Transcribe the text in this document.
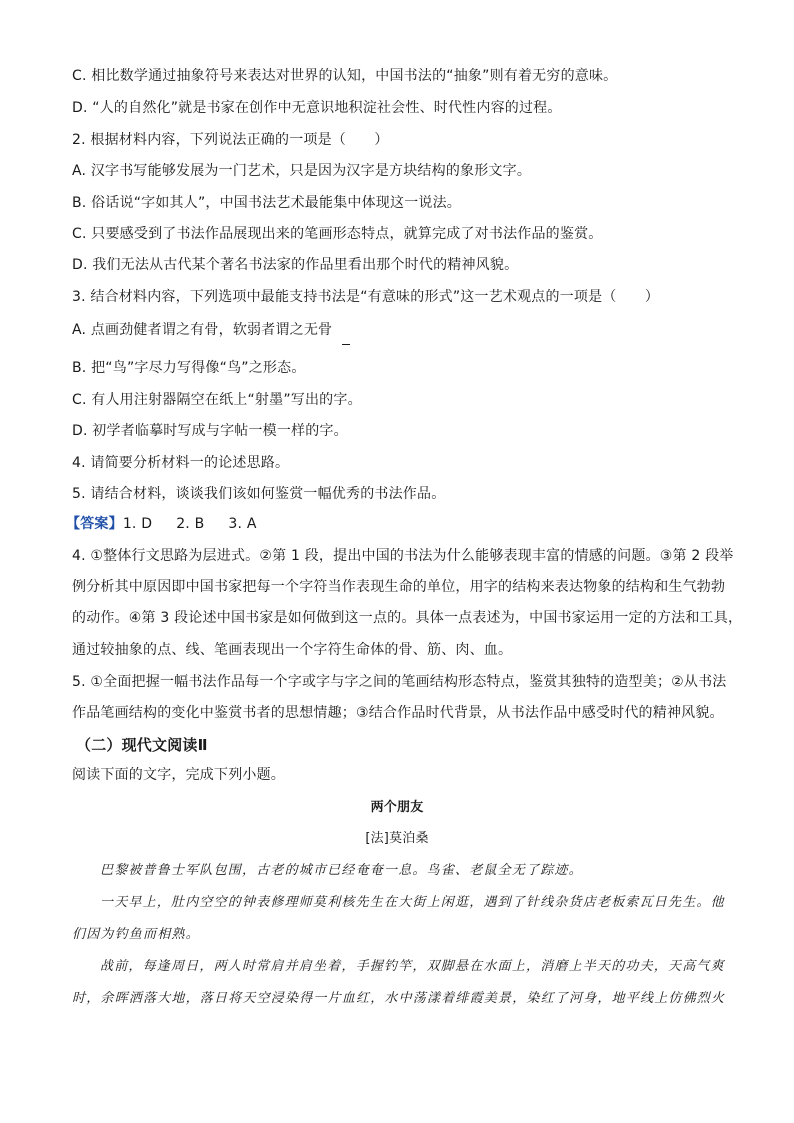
C. 相比数学通过抽象符号来表达对世界的认知，中国书法的“抽象”则有着无穷的意味。
D. “人的自然化”就是书家在创作中无意识地积淀社会性、时代性内容的过程。
2. 根据材料内容，下列说法正确的一项是（　　）
A. 汉字书写能够发展为一门艺术，只是因为汉字是方块结构的象形文字。
B. 俗话说“字如其人”，中国书法艺术最能集中体现这一说法。
C. 只要感受到了书法作品展现出来的笔画形态特点，就算完成了对书法作品的鉴赏。
D. 我们无法从古代某个著名书法家的作品里看出那个时代的精神风貌。
3. 结合材料内容，下列选项中最能支持书法是“有意味的形式”这一艺术观点的一项是（　　）
A. 点画劲健者谓之有骨，软弱者谓之无骨
B. 把“鸟”字尽力写得像“鸟”之形态。
C. 有人用注射器隔空在纸上“射墨”写出的字。
D. 初学者临摹时写成与字帖一模一样的字。
4. 请简要分析材料一的论述思路。
5. 请结合材料，谈谈我们该如何鉴赏一幅优秀的书法作品。
【答案】1. D 2. B 3. A
4. ①整体行文思路为层进式。②第 1 段，提出中国的书法为什么能够表现丰富的情感的问题。③第 2 段举
例分析其中原因即中国书家把每一个字符当作表现生命的单位，用字的结构来表达物象的结构和生气勃勃
的动作。④第 3 段论述中国书家是如何做到这一点的。具体一点表述为，中国书家运用一定的方法和工具，
通过较抽象的点、线、笔画表现出一个字符生命体的骨、筋、肉、血。
5. ①全面把握一幅书法作品每一个字或字与字之间的笔画结构形态特点，鉴赏其独特的造型美；②从书法
作品笔画结构的变化中鉴赏书者的思想情趣；③结合作品时代背景，从书法作品中感受时代的精神风貌。
（二）现代文阅读Ⅱ
阅读下面的文字，完成下列小题。
两个朋友
[法]莫泊桑
巴黎被普鲁士军队包围，古老的城市已经奄奄一息。鸟雀、老鼠全无了踪迹。
一天早上，肚内空空的钟表修理师莫利核先生在大街上闲逛，遇到了针线杂货店老板索瓦日先生。他
们因为钓鱼而相熟。
战前，每逢周日，两人时常肩并肩坐着，手握钓竿，双脚悬在水面上，消磨上半天的功夫，天高气爽
时，余晖洒落大地，落日将天空浸染得一片血红，水中荡漾着绯霞美景，染红了河身，地平线上仿佛烈火
